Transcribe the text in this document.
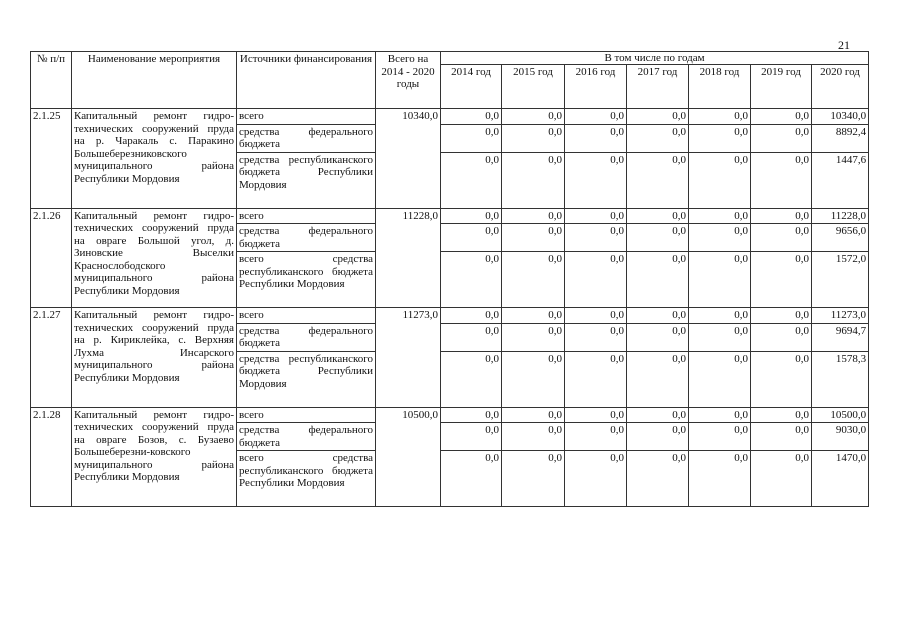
21
№ п/п	Наименование мероприятия	Источники финансирования	Всего на 2014 - 2020 годы	В том числе по годам						
				2014 год	2015 год	2016 год	2017 год	2018 год	2019 год	2020 год
2.1.25	Капитальный ремонт гидро-технических сооружений пруда на р. Чаракаль с. Паракино Большеберезниковского муниципального района Республики Мордовия	всего	10340,0	0,0	0,0	0,0	0,0	0,0	0,0	10340,0
		средства федерального бюджета		0,0	0,0	0,0	0,0	0,0	0,0	8892,4
		средства республиканского бюджета Республики Мордовия		0,0	0,0	0,0	0,0	0,0	0,0	1447,6

2.1.26	Капитальный ремонт гидро-технических сооружений пруда на овраге Большой угол, д. Зиновские Выселки Краснослободского муниципального района Республики Мордовия	всего	11228,0	0,0	0,0	0,0	0,0	0,0	0,0	11228,0
		средства федерального бюджета		0,0	0,0	0,0	0,0	0,0	0,0	9656,0
		всего средства республиканского бюджета Республики Мордовия		0,0	0,0	0,0	0,0	0,0	0,0	1572,0

2.1.27	Капитальный ремонт гидро-технических сооружений пруда на р. Кириклейка, с. Верхняя Лухма Инсарского муниципального района Республики Мордовия	всего	11273,0	0,0	0,0	0,0	0,0	0,0	0,0	11273,0
		средства федерального бюджета		0,0	0,0	0,0	0,0	0,0	0,0	9694,7
		средства республиканского бюджета Республики Мордовия		0,0	0,0	0,0	0,0	0,0	0,0	1578,3

2.1.28	Капитальный ремонт гидро-технических сооружений пруда на овраге Бозов, с. Бузаево Большеберезни-ковского муниципального района Республики Мордовия	всего	10500,0	0,0	0,0	0,0	0,0	0,0	0,0	10500,0
		средства федерального бюджета		0,0	0,0	0,0	0,0	0,0	0,0	9030,0
		всего средства республиканского бюджета Республики Мордовия		0,0	0,0	0,0	0,0	0,0	0,0	1470,0
